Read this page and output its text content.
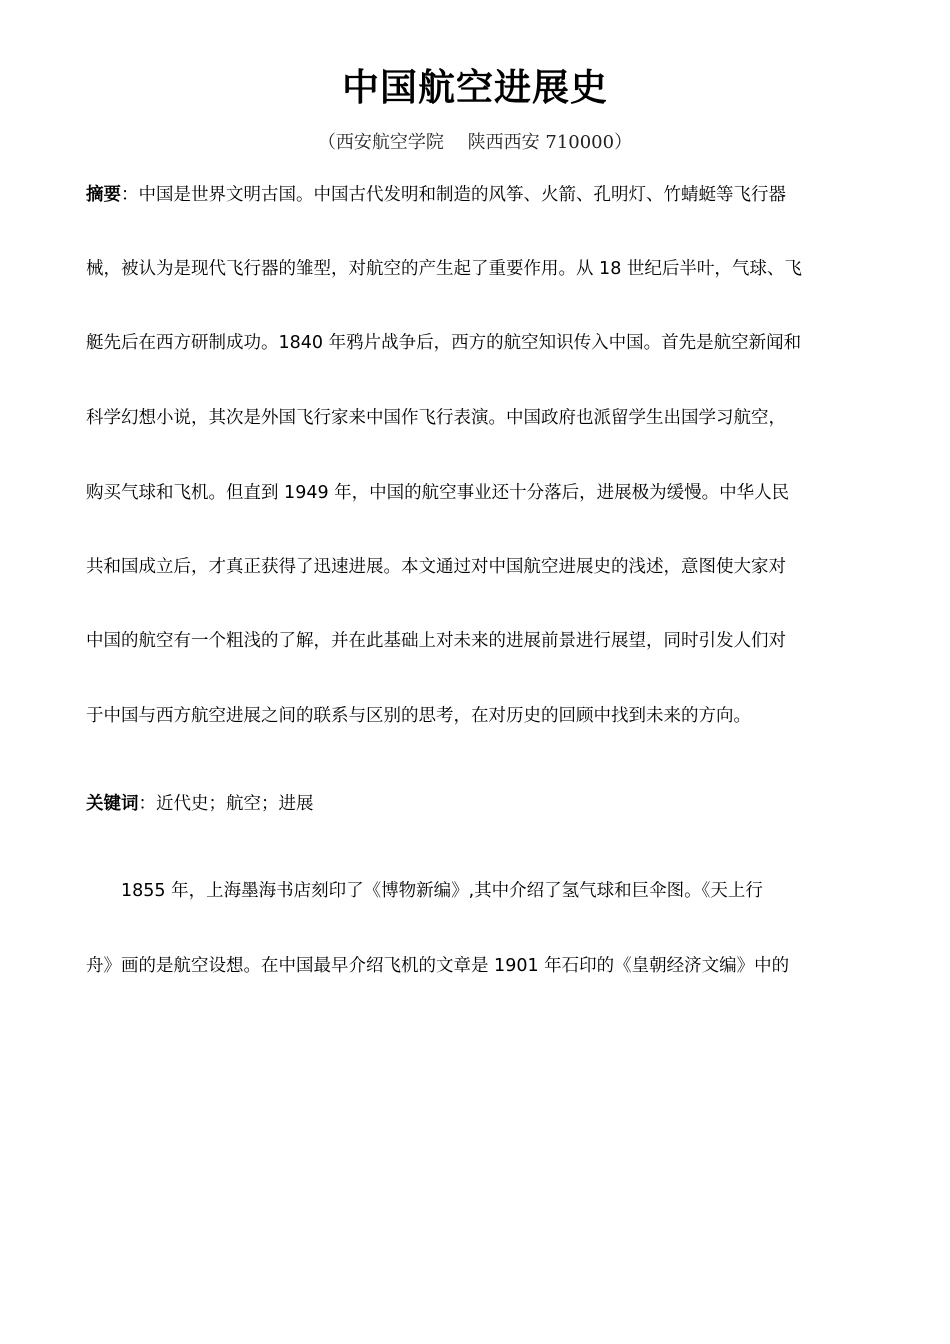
中国航空进展史
（西安航空学院　 陕西西安 710000）
摘要：中国是世界文明古国。中国古代发明和制造的风筝、火箭、孔明灯、竹蜻蜓等飞行器
械，被认为是现代飞行器的雏型，对航空的产生起了重要作用。从 18 世纪后半叶，气球、飞
艇先后在西方研制成功。1840 年鸦片战争后，西方的航空知识传入中国。首先是航空新闻和
科学幻想小说，其次是外国飞行家来中国作飞行表演。中国政府也派留学生出国学习航空，
购买气球和飞机。但直到 1949 年，中国的航空事业还十分落后，进展极为缓慢。中华人民
共和国成立后，才真正获得了迅速进展。本文通过对中国航空进展史的浅述，意图使大家对
中国的航空有一个粗浅的了解，并在此基础上对未来的进展前景进行展望，同时引发人们对
于中国与西方航空进展之间的联系与区别的思考，在对历史的回顾中找到未来的方向。
关键词：近代史；航空；进展
　　1855 年，上海墨海书店刻印了《博物新编》,其中介绍了氢气球和巨伞图。《天上行
舟》画的是航空设想。在中国最早介绍飞机的文章是 1901 年石印的《皇朝经济文编》中的
